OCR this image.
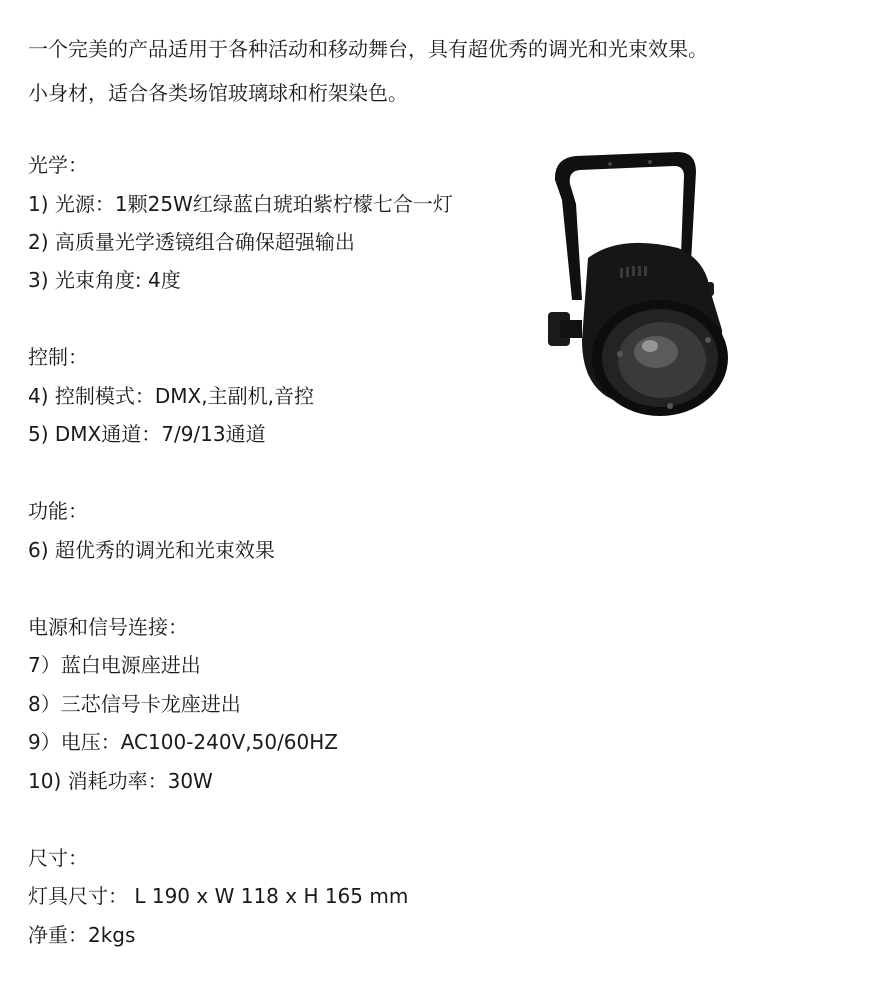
一个完美的产品适用于各种活动和移动舞台，具有超优秀的调光和光束效果。
小身材，适合各类场馆玻璃球和桁架染色。
光学：
1) 光源：1颗25W红绿蓝白琥珀紫柠檬七合一灯
2) 高质量光学透镜组合确保超强输出
3) 光束角度: 4度
控制：
4) 控制模式：DMX,主副机,音控
5) DMX通道：7/9/13通道
功能：
6) 超优秀的调光和光束效果
电源和信号连接：
7）蓝白电源座进出
8）三芯信号卡龙座进出
9）电压：AC100-240V,50/60HZ
10) 消耗功率：30W
尺寸：
灯具尺寸： L 190 x W 118 x H 165 mm
净重：2kgs
